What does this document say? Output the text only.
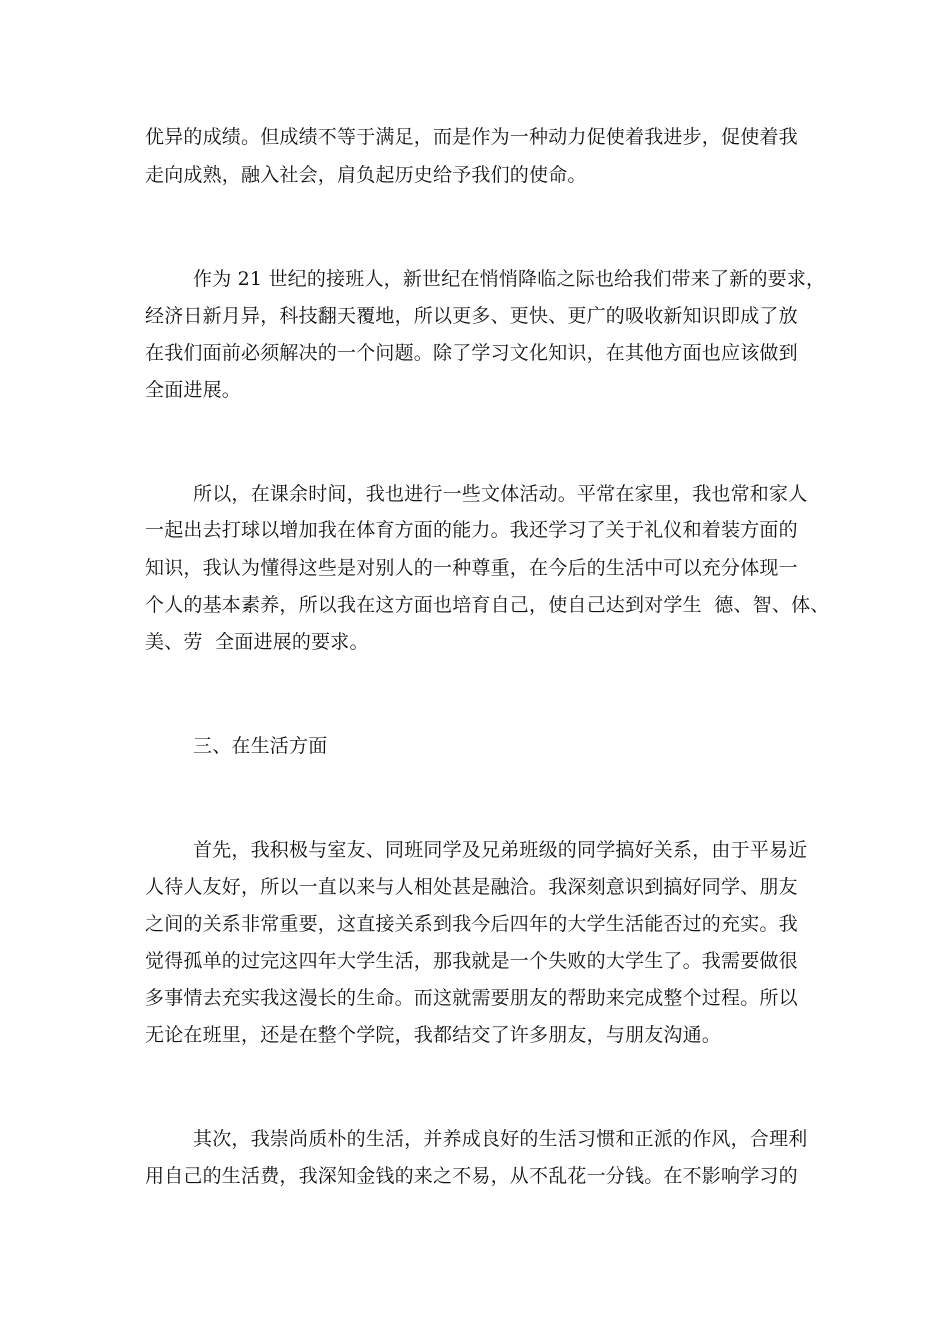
优异的成绩。但成绩不等于满足，而是作为一种动力促使着我进步，促使着我
走向成熟，融入社会，肩负起历史给予我们的使命。
作为 21 世纪的接班人，新世纪在悄悄降临之际也给我们带来了新的要求，
经济日新月异，科技翻天覆地，所以更多、更快、更广的吸收新知识即成了放
在我们面前必须解决的一个问题。除了学习文化知识，在其他方面也应该做到
全面进展。
所以，在课余时间，我也进行一些文体活动。平常在家里，我也常和家人
一起出去打球以增加我在体育方面的能力。我还学习了关于礼仪和着装方面的
知识，我认为懂得这些是对别人的一种尊重，在今后的生活中可以充分体现一
个人的基本素养，所以我在这方面也培育自己，使自己达到对学生  德、智、体、
美、劳  全面进展的要求。
三、在生活方面
首先，我积极与室友、同班同学及兄弟班级的同学搞好关系，由于平易近
人待人友好，所以一直以来与人相处甚是融洽。我深刻意识到搞好同学、朋友
之间的关系非常重要，这直接关系到我今后四年的大学生活能否过的充实。我
觉得孤单的过完这四年大学生活，那我就是一个失败的大学生了。我需要做很
多事情去充实我这漫长的生命。而这就需要朋友的帮助来完成整个过程。所以
无论在班里，还是在整个学院，我都结交了许多朋友，与朋友沟通。
其次，我崇尚质朴的生活，并养成良好的生活习惯和正派的作风，合理利
用自己的生活费，我深知金钱的来之不易，从不乱花一分钱。在不影响学习的
